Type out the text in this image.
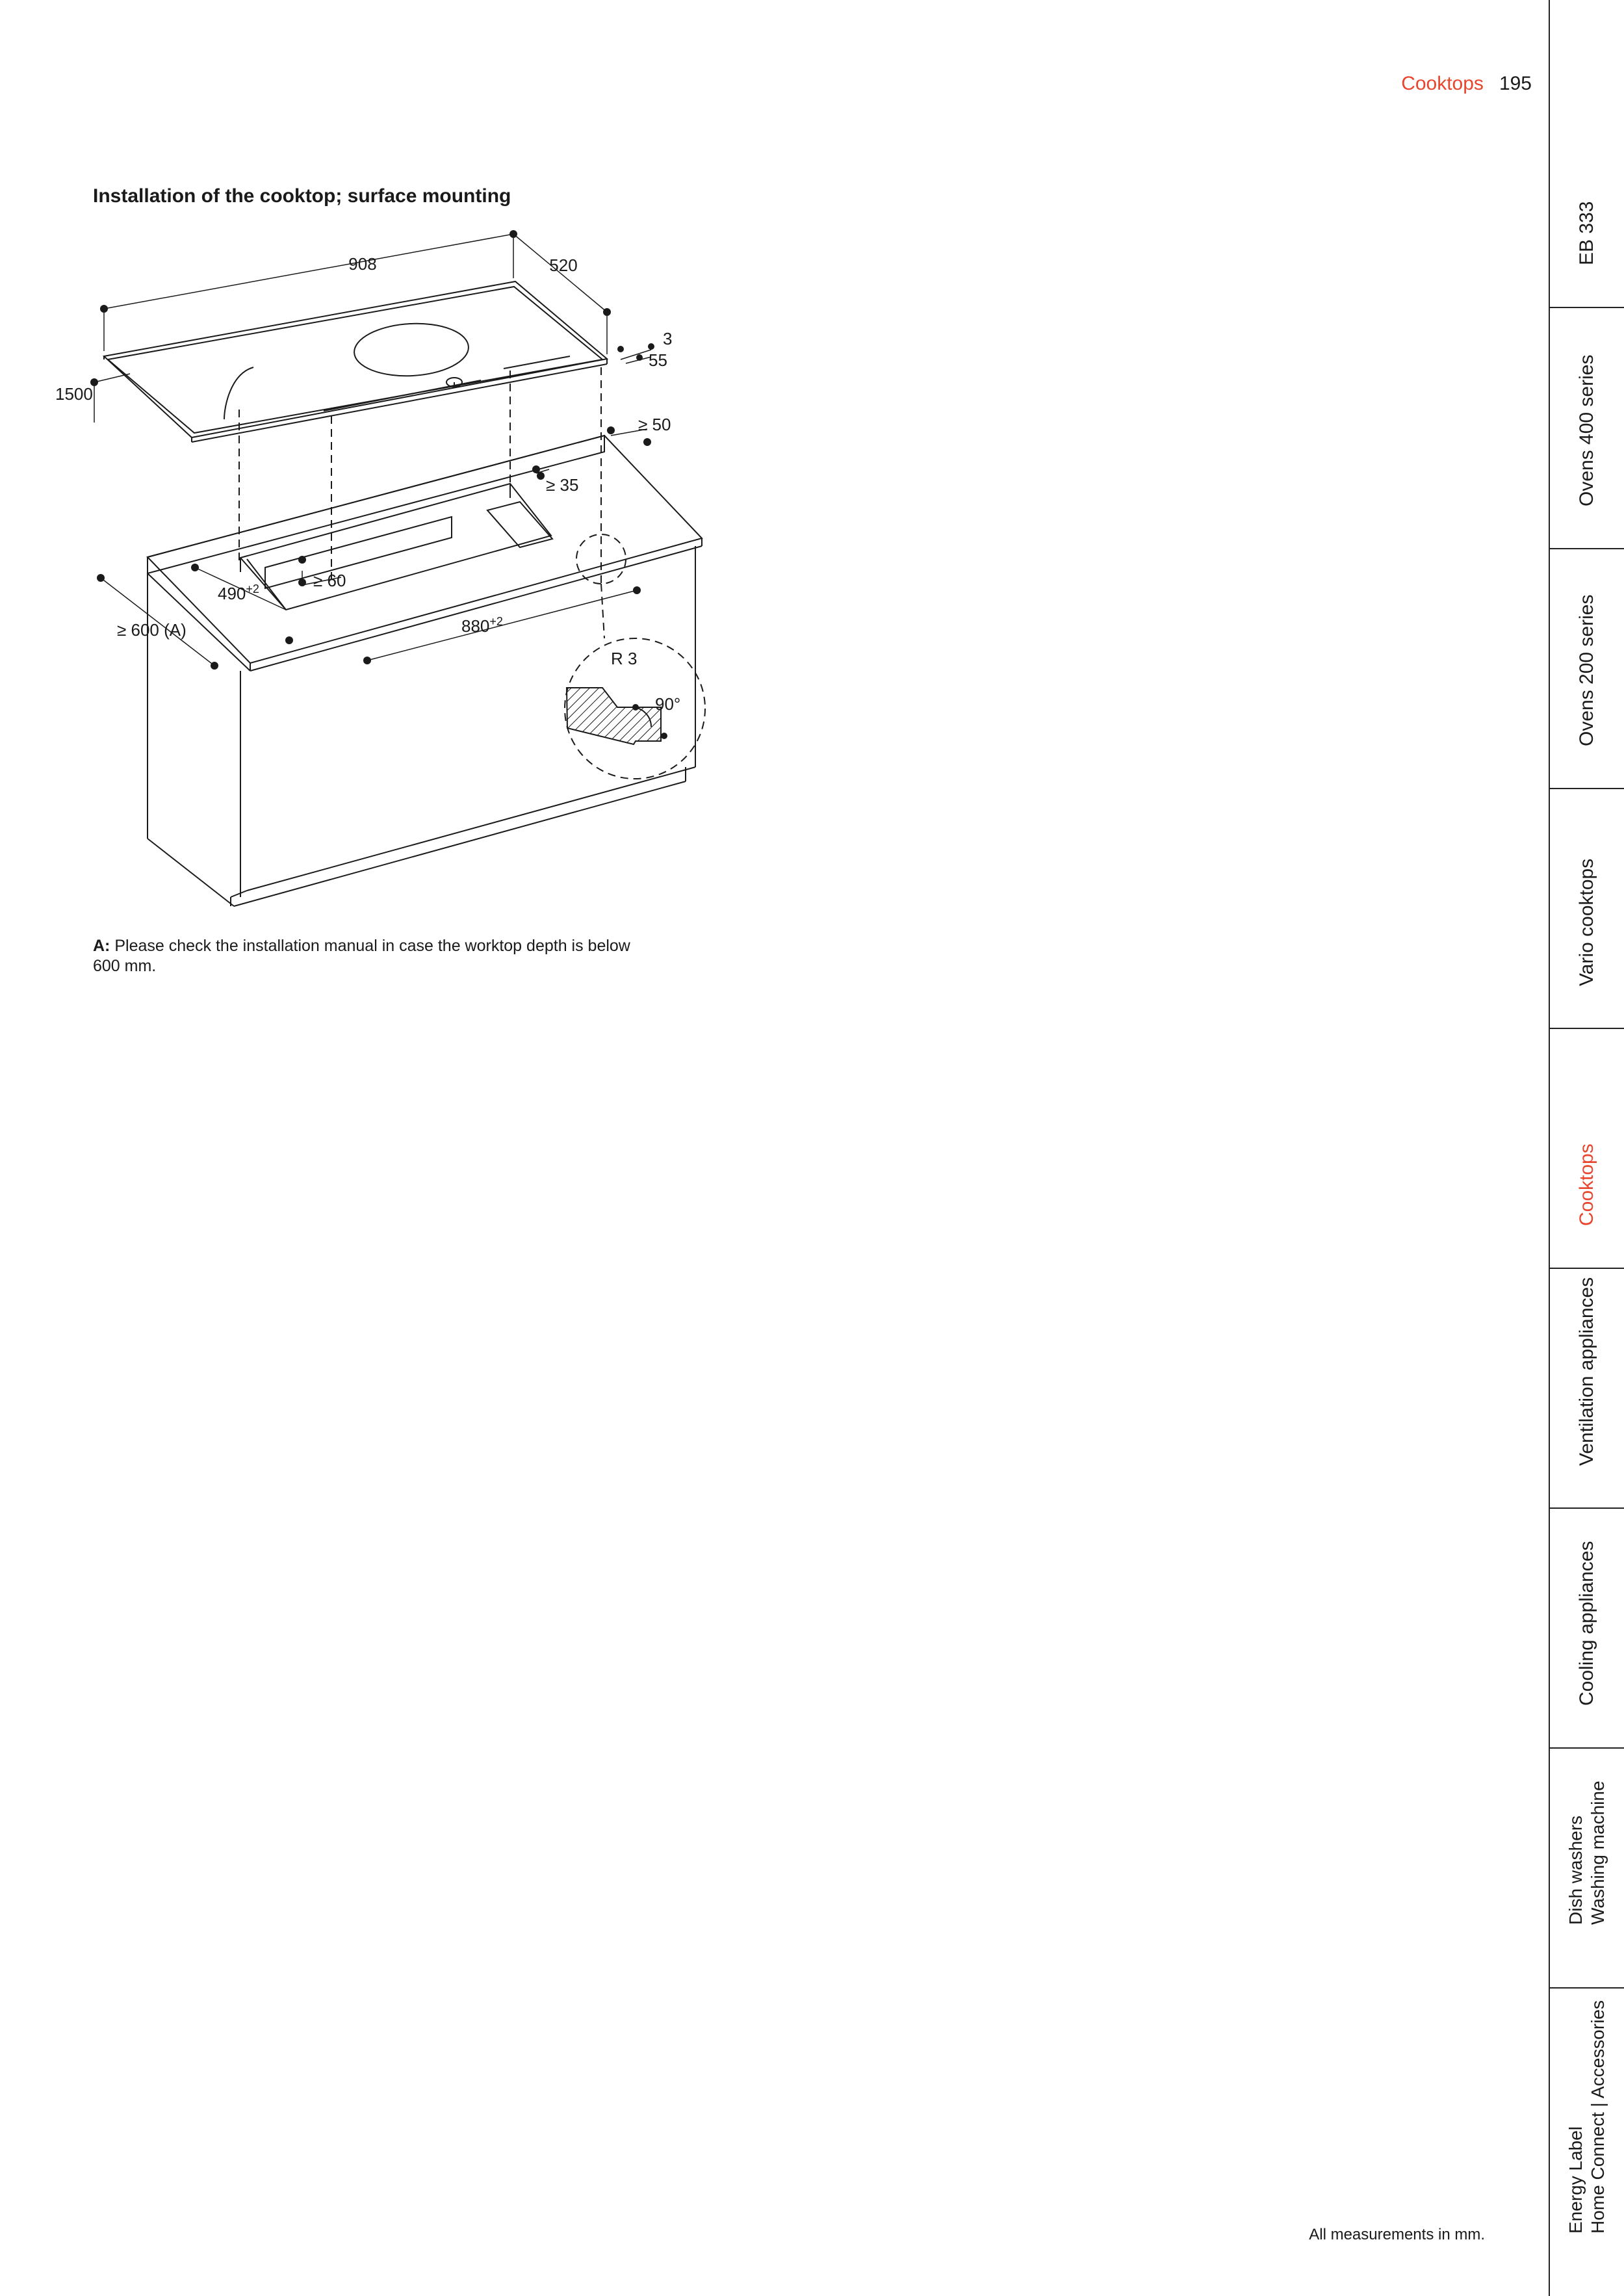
Cooktops 195
Installation of the cooktop; surface mounting
908	520
1500
3
55
≥ 50
≥ 35
$490^{+2}$	≥ 60
≥ 600 (A)	$880^{+2}$
R 3
90°
A: Please check the installation manual in case the worktop depth is below 600 mm.
All measurements in mm.
EB 333
Ovens 400 series
Ovens 200 series
Vario cooktops
Cooktops
Ventilation appliances
Cooling appliances
Dish washers Washing machine
Energy Label Home Connect | Accessories
